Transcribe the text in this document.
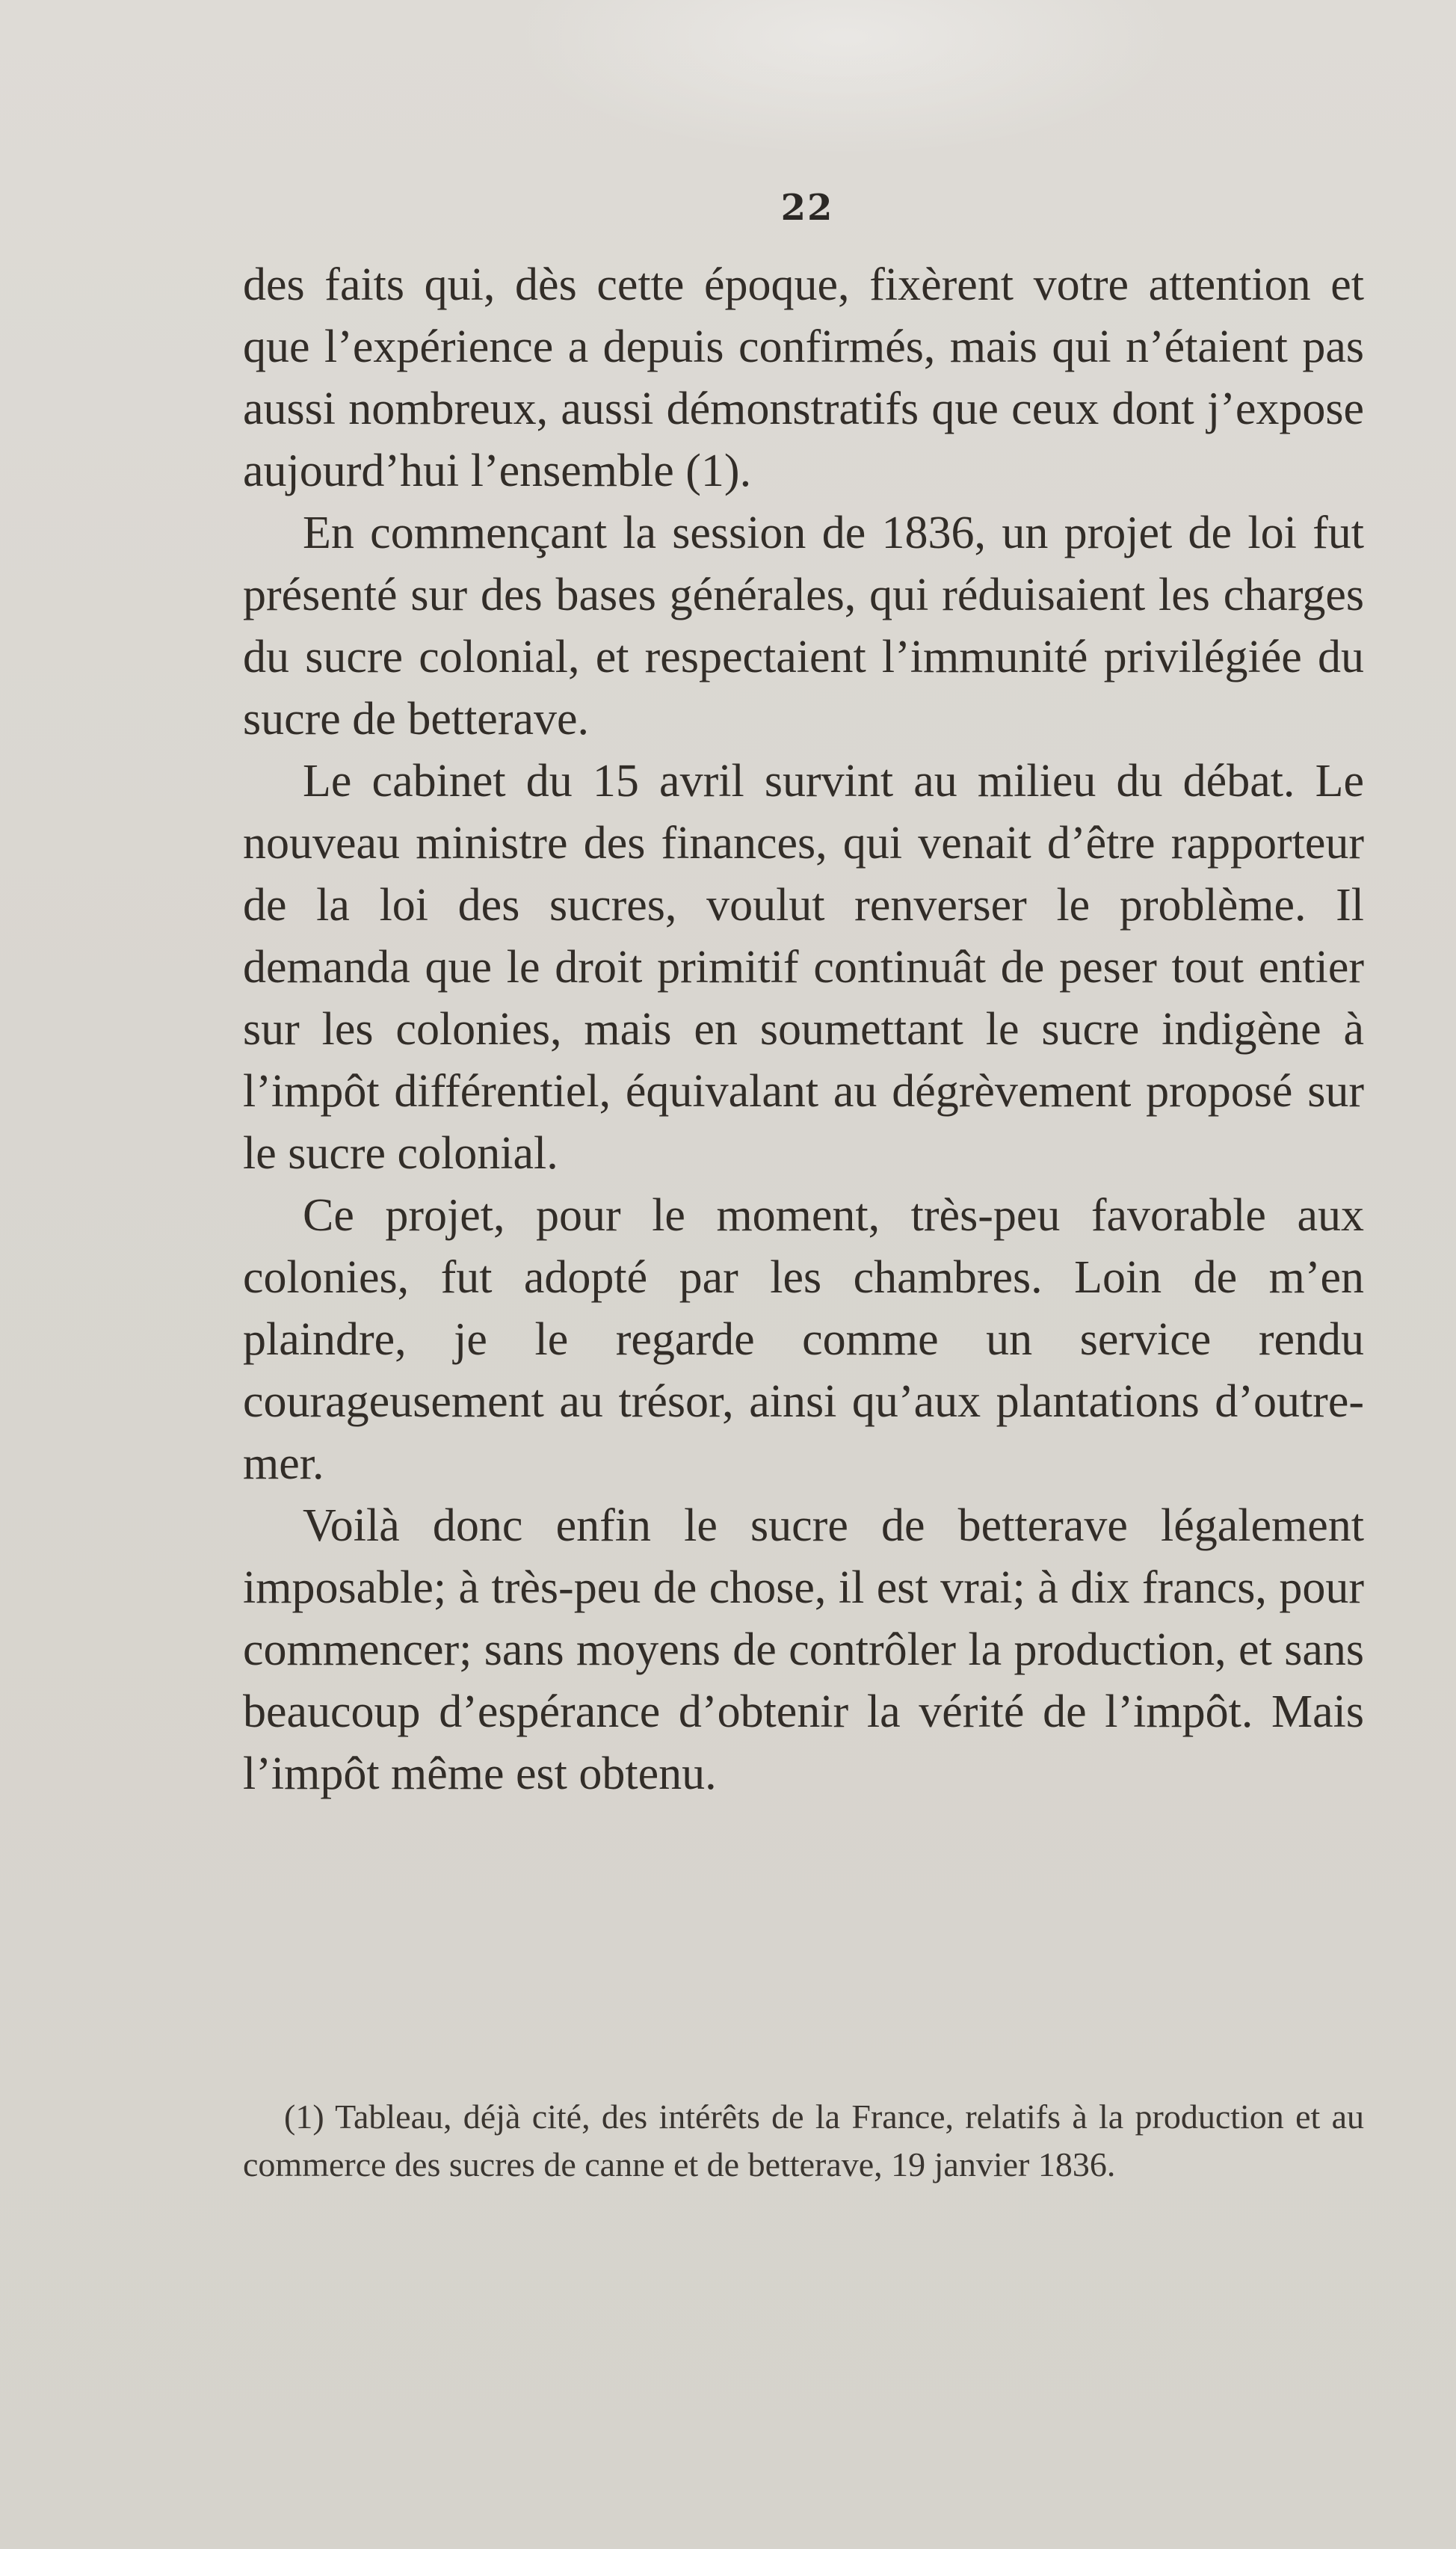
22

des faits qui, dès cette époque, fixèrent votre attention et que l’expérience a depuis confirmés, mais qui n’étaient pas aussi nombreux, aussi démonstratifs que ceux dont j’expose aujourd’hui l’ensemble (1).

En commençant la session de 1836, un projet de loi fut présenté sur des bases générales, qui réduisaient les charges du sucre colonial, et respectaient l’immunité privilégiée du sucre de betterave.

Le cabinet du 15 avril survint au milieu du débat. Le nouveau ministre des finances, qui venait d’être rapporteur de la loi des sucres, voulut renverser le problème. Il demanda que le droit primitif continuât de peser tout entier sur les colonies, mais en soumettant le sucre indigène à l’impôt différentiel, équivalant au dégrèvement proposé sur le sucre colonial.

Ce projet, pour le moment, très-peu favorable aux colonies, fut adopté par les chambres. Loin de m’en plaindre, je le regarde comme un service rendu courageusement au trésor, ainsi qu’aux plantations d’outre-mer.

Voilà donc enfin le sucre de betterave légalement imposable; à très-peu de chose, il est vrai; à dix francs, pour commencer; sans moyens de contrôler la production, et sans beaucoup d’espérance d’obtenir la vérité de l’impôt. Mais l’impôt même est obtenu.

(1) Tableau, déjà cité, des intérêts de la France, relatifs à la production et au commerce des sucres de canne et de betterave, 19 janvier 1836.
